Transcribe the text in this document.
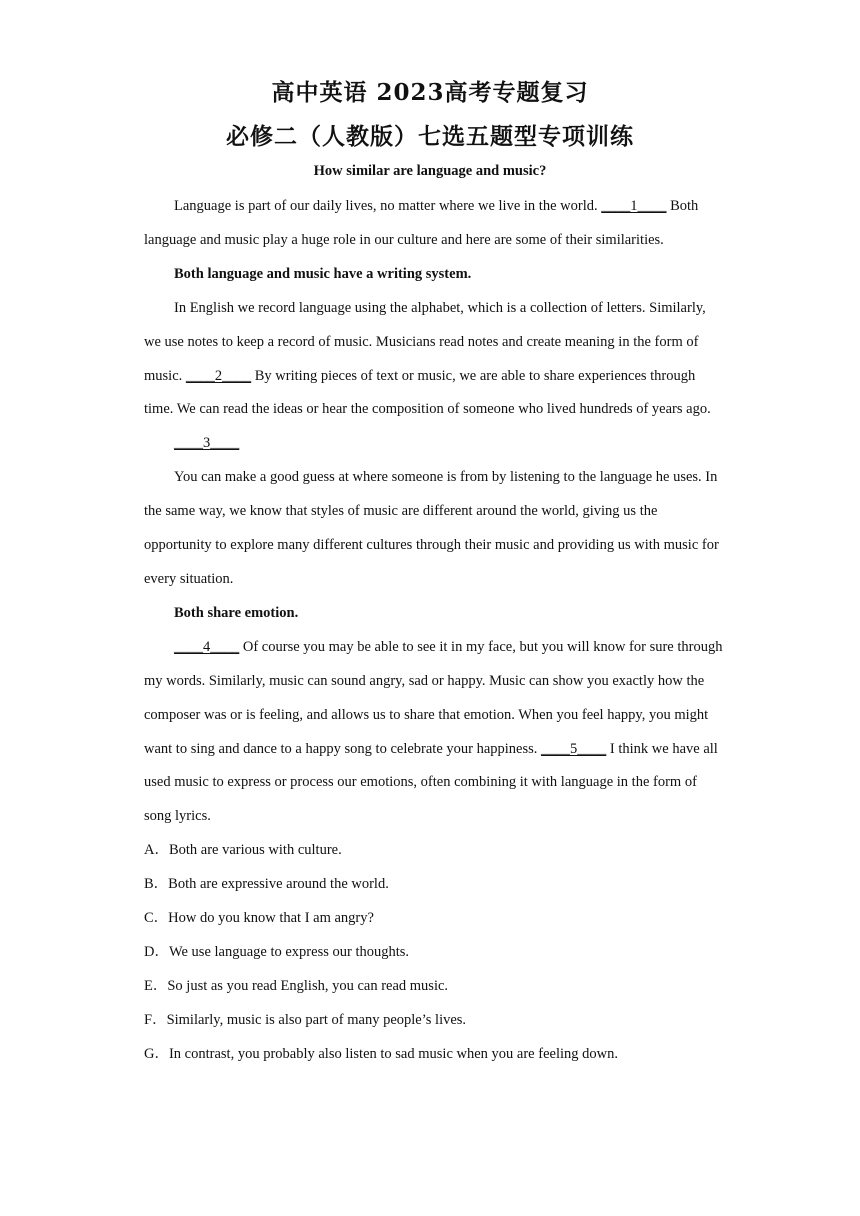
高中英语 2023高考专题复习
必修二（人教版）七选五题型专项训练
How similar are language and music?

Language is part of our daily lives, no matter where we live in the world. ____1____ Both language and music play a huge role in our culture and here are some of their similarities.

Both language and music have a writing system.

In English we record language using the alphabet, which is a collection of letters. Similarly, we use notes to keep a record of music. Musicians read notes and create meaning in the form of music. ____2____ By writing pieces of text or music, we are able to share experiences through time. We can read the ideas or hear the composition of someone who lived hundreds of years ago.

____3____

You can make a good guess at where someone is from by listening to the language he uses. In the same way, we know that styles of music are different around the world, giving us the opportunity to explore many different cultures through their music and providing us with music for every situation.

Both share emotion.

____4____ Of course you may be able to see it in my face, but you will know for sure through my words. Similarly, music can sound angry, sad or happy. Music can show you exactly how the composer was or is feeling, and allows us to share that emotion. When you feel happy, you might want to sing and dance to a happy song to celebrate your happiness. ____5____ I think we have all used music to express or process our emotions, often combining it with language in the form of song lyrics.

A．Both are various with culture.
B．Both are expressive around the world.
C．How do you know that I am angry?
D．We use language to express our thoughts.
E．So just as you read English, you can read music.
F．Similarly, music is also part of many people’s lives.
G．In contrast, you probably also listen to sad music when you are feeling down.
